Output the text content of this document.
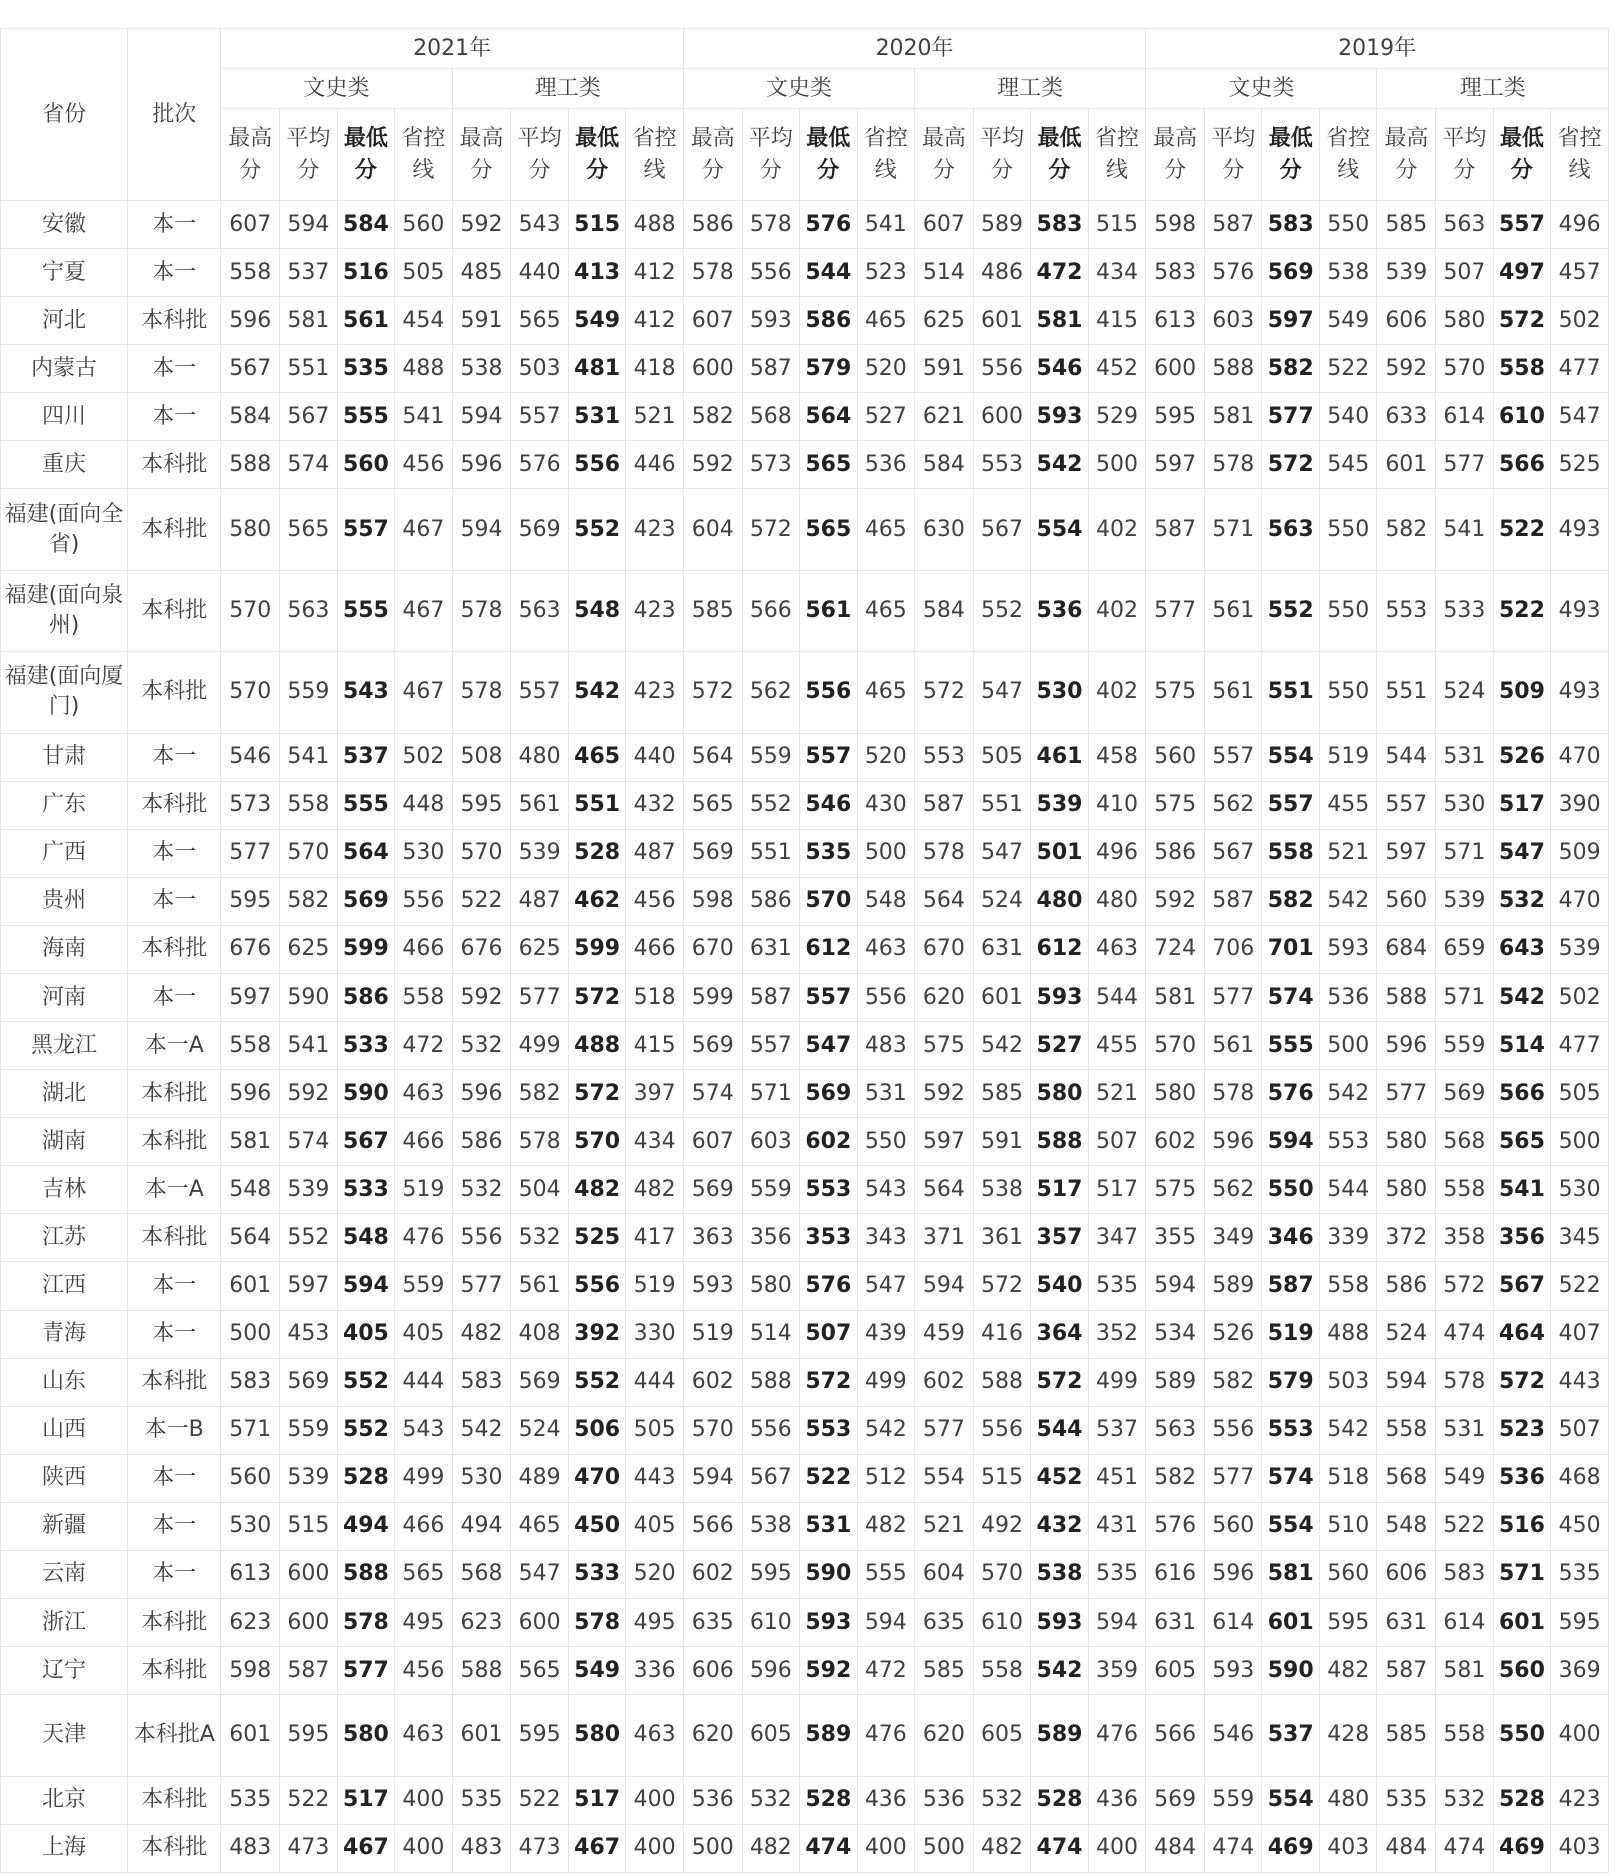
省份	批次	2021年								2020年								2019年							
		文史类				理工类				文史类				理工类				文史类				理工类			
		最高分	平均分	最低分	省控线	最高分	平均分	最低分	省控线	最高分	平均分	最低分	省控线	最高分	平均分	最低分	省控线	最高分	平均分	最低分	省控线	最高分	平均分	最低分	省控线
安徽	本一	607	594	584	560	592	543	515	488	586	578	576	541	607	589	583	515	598	587	583	550	585	563	557	496
宁夏	本一	558	537	516	505	485	440	413	412	578	556	544	523	514	486	472	434	583	576	569	538	539	507	497	457
河北	本科批	596	581	561	454	591	565	549	412	607	593	586	465	625	601	581	415	613	603	597	549	606	580	572	502
内蒙古	本一	567	551	535	488	538	503	481	418	600	587	579	520	591	556	546	452	600	588	582	522	592	570	558	477
四川	本一	584	567	555	541	594	557	531	521	582	568	564	527	621	600	593	529	595	581	577	540	633	614	610	547
重庆	本科批	588	574	560	456	596	576	556	446	592	573	565	536	584	553	542	500	597	578	572	545	601	577	566	525
福建(面向全省)	本科批	580	565	557	467	594	569	552	423	604	572	565	465	630	567	554	402	587	571	563	550	582	541	522	493
福建(面向泉州)	本科批	570	563	555	467	578	563	548	423	585	566	561	465	584	552	536	402	577	561	552	550	553	533	522	493
福建(面向厦门)	本科批	570	559	543	467	578	557	542	423	572	562	556	465	572	547	530	402	575	561	551	550	551	524	509	493
甘肃	本一	546	541	537	502	508	480	465	440	564	559	557	520	553	505	461	458	560	557	554	519	544	531	526	470
广东	本科批	573	558	555	448	595	561	551	432	565	552	546	430	587	551	539	410	575	562	557	455	557	530	517	390
广西	本一	577	570	564	530	570	539	528	487	569	551	535	500	578	547	501	496	586	567	558	521	597	571	547	509
贵州	本一	595	582	569	556	522	487	462	456	598	586	570	548	564	524	480	480	592	587	582	542	560	539	532	470
海南	本科批	676	625	599	466	676	625	599	466	670	631	612	463	670	631	612	463	724	706	701	593	684	659	643	539
河南	本一	597	590	586	558	592	577	572	518	599	587	557	556	620	601	593	544	581	577	574	536	588	571	542	502
黑龙江	本一A	558	541	533	472	532	499	488	415	569	557	547	483	575	542	527	455	570	561	555	500	596	559	514	477
湖北	本科批	596	592	590	463	596	582	572	397	574	571	569	531	592	585	580	521	580	578	576	542	577	569	566	505
湖南	本科批	581	574	567	466	586	578	570	434	607	603	602	550	597	591	588	507	602	596	594	553	580	568	565	500
吉林	本一A	548	539	533	519	532	504	482	482	569	559	553	543	564	538	517	517	575	562	550	544	580	558	541	530
江苏	本科批	564	552	548	476	556	532	525	417	363	356	353	343	371	361	357	347	355	349	346	339	372	358	356	345
江西	本一	601	597	594	559	577	561	556	519	593	580	576	547	594	572	540	535	594	589	587	558	586	572	567	522
青海	本一	500	453	405	405	482	408	392	330	519	514	507	439	459	416	364	352	534	526	519	488	524	474	464	407
山东	本科批	583	569	552	444	583	569	552	444	602	588	572	499	602	588	572	499	589	582	579	503	594	578	572	443
山西	本一B	571	559	552	543	542	524	506	505	570	556	553	542	577	556	544	537	563	556	553	542	558	531	523	507
陕西	本一	560	539	528	499	530	489	470	443	594	567	522	512	554	515	452	451	582	577	574	518	568	549	536	468
新疆	本一	530	515	494	466	494	465	450	405	566	538	531	482	521	492	432	431	576	560	554	510	548	522	516	450
云南	本一	613	600	588	565	568	547	533	520	602	595	590	555	604	570	538	535	616	596	581	560	606	583	571	535
浙江	本科批	623	600	578	495	623	600	578	495	635	610	593	594	635	610	593	594	631	614	601	595	631	614	601	595
辽宁	本科批	598	587	577	456	588	565	549	336	606	596	592	472	585	558	542	359	605	593	590	482	587	581	560	369
天津	本科批A	601	595	580	463	601	595	580	463	620	605	589	476	620	605	589	476	566	546	537	428	585	558	550	400
北京	本科批	535	522	517	400	535	522	517	400	536	532	528	436	536	532	528	436	569	559	554	480	535	532	528	423
上海	本科批	483	473	467	400	483	473	467	400	500	482	474	400	500	482	474	400	484	474	469	403	484	474	469	403
